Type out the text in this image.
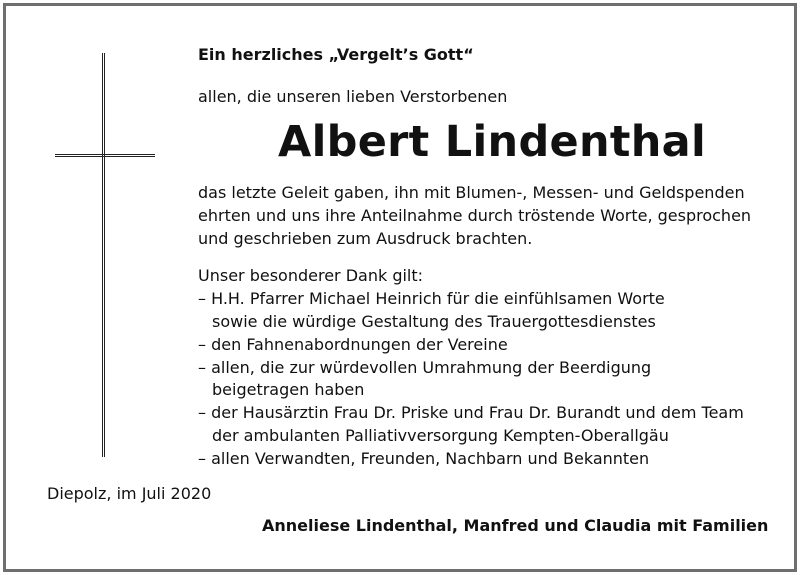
Ein herzliches „Vergelt’s Gott“
allen, die unseren lieben Verstorbenen
Albert Lindenthal
das letzte Geleit gaben, ihn mit Blumen-, Messen- und Geldspenden
ehrten und uns ihre Anteilnahme durch tröstende Worte, gesprochen
und geschrieben zum Ausdruck brachten.
Unser besonderer Dank gilt:
– H.H. Pfarrer Michael Heinrich für die einfühlsamen Worte
sowie die würdige Gestaltung des Trauergottesdienstes
– den Fahnenabordnungen der Vereine
– allen, die zur würdevollen Umrahmung der Beerdigung
beigetragen haben
– der Hausärztin Frau Dr. Priske und Frau Dr. Burandt und dem Team
der ambulanten Palliativversorgung Kempten-Oberallgäu
– allen Verwandten, Freunden, Nachbarn und Bekannten
Diepolz, im Juli 2020
Anneliese Lindenthal, Manfred und Claudia mit Familien
